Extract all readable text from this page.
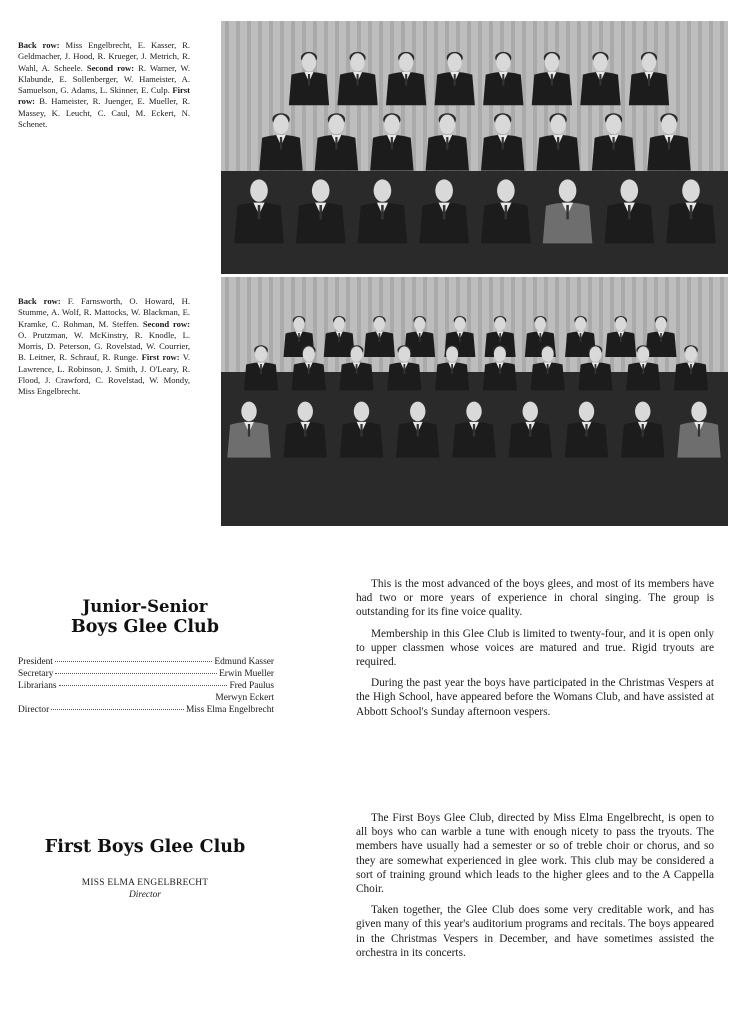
Back row: Miss Engelbrecht, E. Kasser, R. Geldmacher, J. Hood, R. Krueger, J. Metrich, R. Wahl, A. Scheele. Second row: R. Warner, W. Klabunde, E. Sollenberger, W. Hameister, A. Samuelson, G. Adams, L. Skinner, E. Culp. First row: B. Hameister, R. Juenger, E. Mueller, R. Massey, K. Leucht, C. Caul, M. Eckert, N. Schenet.
Back row: F. Farnsworth, O. Howard, H. Stumme, A. Wolf, R. Mattocks, W. Blackman, E. Kramke, C. Rohman, M. Steffen. Second row: O. Prutzman, W. McKinstry, R. Knodle, L. Morris, D. Peterson, G. Rovelstad, W. Courrier, B. Leitner, R. Schrauf, R. Runge. First row: V. Lawrence, L. Robinson, J. Smith, J. O'Leary, R. Flood, J. Crawford, C. Rovelstad, W. Mondy, Miss Engelbrecht.
Junior-Senior
Boys Glee Club
President	Edmund Kasser
Secretary	Erwin Mueller
Librarians	Fred Paulus
Merwyn Eckert
Director	Miss Elma Engelbrecht

This is the most advanced of the boys glees, and most of its members have had two or more years of experience in choral singing. The group is outstanding for its fine voice quality.

Membership in this Glee Club is limited to twenty-four, and it is open only to upper classmen whose voices are matured and true. Rigid tryouts are required.

During the past year the boys have participated in the Christmas Vespers at the High School, have appeared before the Womans Club, and have assisted at Abbott School's Sunday afternoon vespers.

First Boys Glee Club
MISS ELMA ENGELBRECHT
Director

The First Boys Glee Club, directed by Miss Elma Engelbrecht, is open to all boys who can warble a tune with enough nicety to pass the tryouts. The members have usually had a semester or so of treble choir or chorus, and so they are somewhat experienced in glee work. This club may be considered a sort of training ground which leads to the higher glees and to the A Cappella Choir.

Taken together, the Glee Club does some very creditable work, and has given many of this year's auditorium programs and recitals. The boys appeared in the Christmas Vespers in December, and have sometimes assisted the orchestra in its concerts.
